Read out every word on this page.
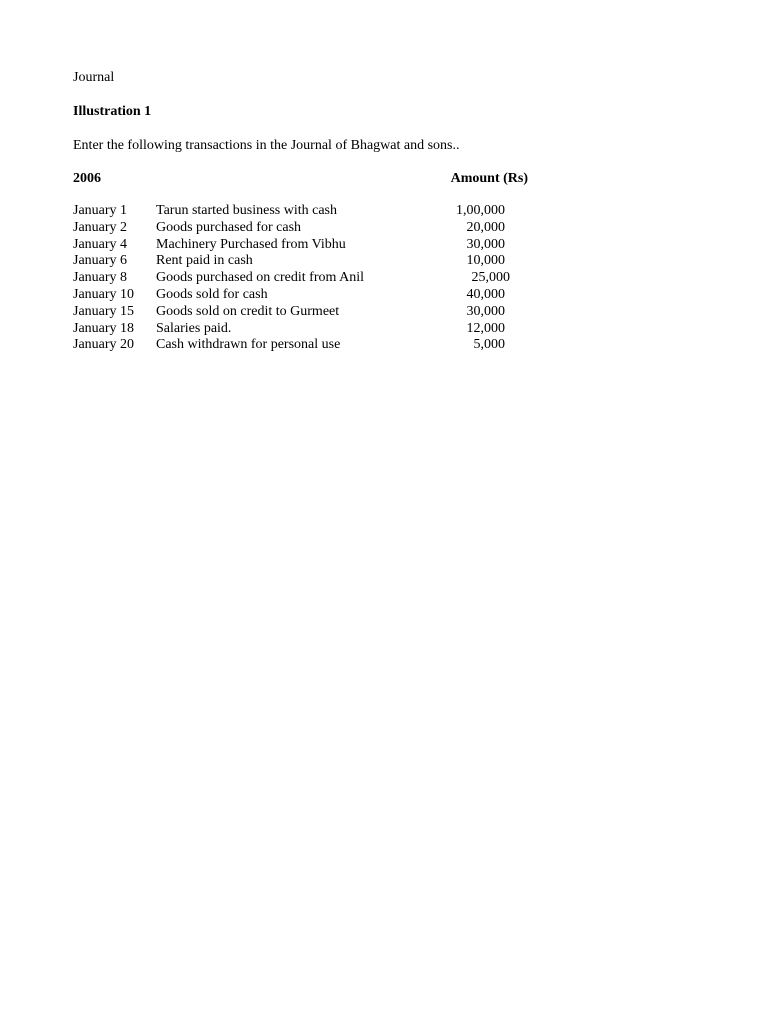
Journal
Illustration 1
Enter the following transactions in the Journal of Bhagwat and sons..
2006	Amount (Rs)
January 1 Tarun started business with cash	1,00,000
January 2 Goods purchased for cash	20,000
January 4 Machinery Purchased from Vibhu	30,000
January 6 Rent paid in cash	10,000
January 8 Goods purchased on credit from Anil	25,000
January 10 Goods sold for cash	40,000
January 15 Goods sold on credit to Gurmeet	30,000
January 18 Salaries paid.	12,000
January 20 Cash withdrawn for personal use	5,000
